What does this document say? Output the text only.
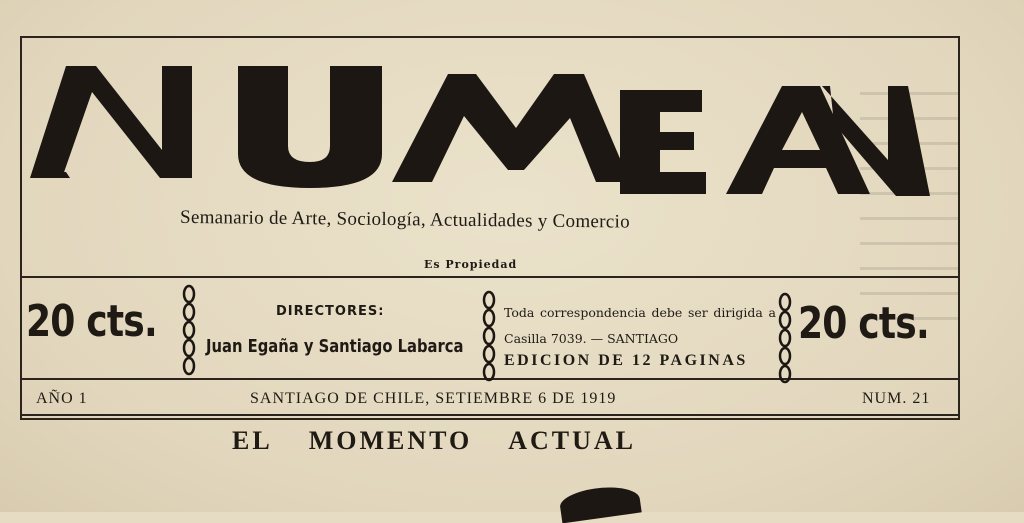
Semanario de Arte, Sociología, Actualidades y Comercio
Es Propiedad
20 cts.	DIRECTORES:
Juan Egaña y Santiago Labarca
Toda correspondencia debe ser dirigida a Casilla 7039. — SANTIAGO
EDICION DE 12 PAGINAS
20 cts.
AÑO 1	SANTIAGO DE CHILE, SETIEMBRE 6 DE 1919	NUM. 21
EL MOMENTO ACTUAL
